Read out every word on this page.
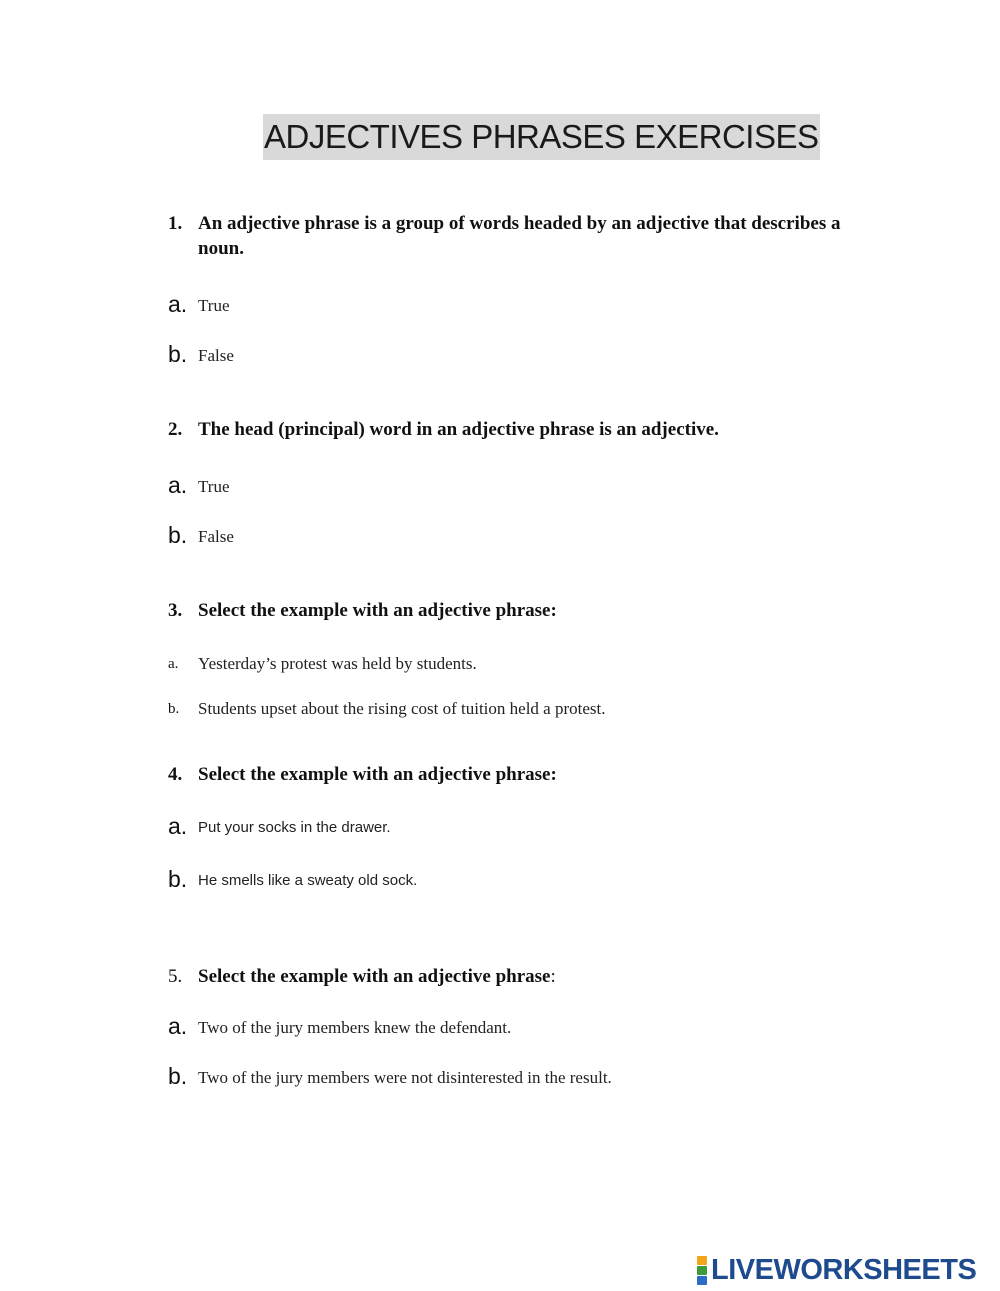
ADJECTIVES PHRASES EXERCISES
1. An adjective phrase is a group of words headed by an adjective that describes a noun.
a. True
b. False
2. The head (principal) word in an adjective phrase is an adjective.
a. True
b. False
3. Select the example with an adjective phrase:
a. Yesterday’s protest was held by students.
b. Students upset about the rising cost of tuition held a protest.
4. Select the example with an adjective phrase:
a. Put your socks in the drawer.
b. He smells like a sweaty old sock.
5. Select the example with an adjective phrase:
a. Two of the jury members knew the defendant.
b. Two of the jury members were not disinterested in the result.
LIVEWORKSHEETS
